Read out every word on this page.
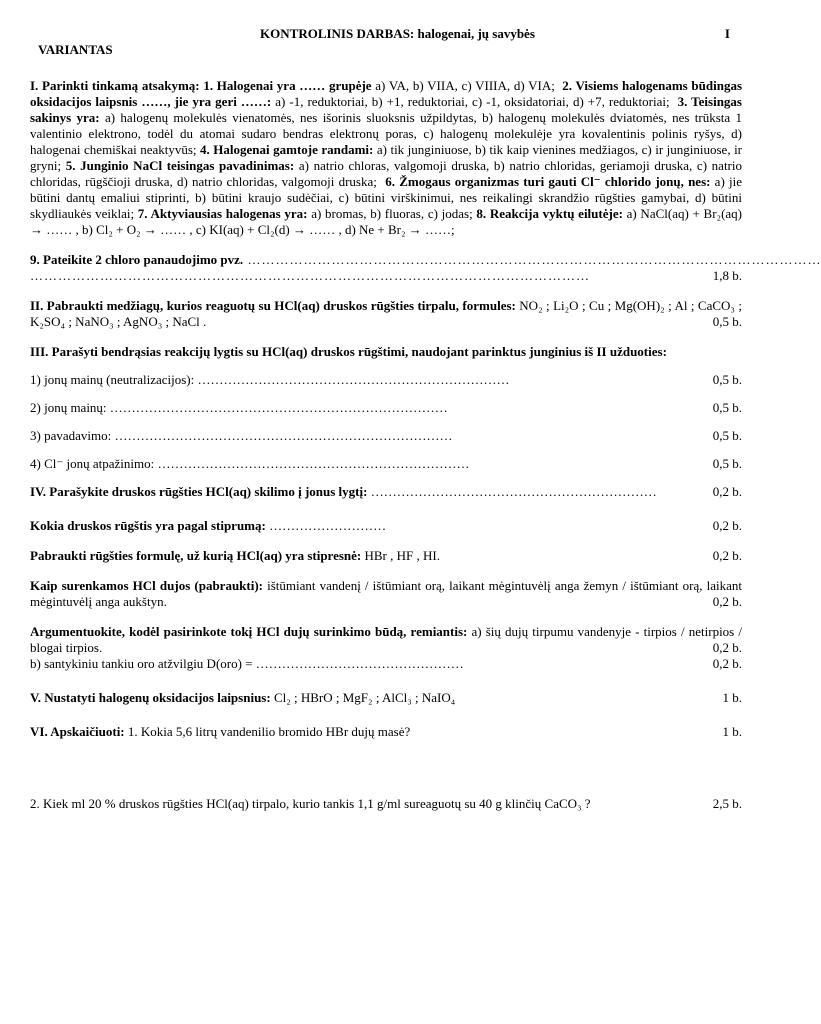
KONTROLINIS DARBAS: halogenai, jų savybės	I

VARIANTAS

I. Parinkti tinkamą atsakymą: 1. Halogenai yra …… grupėje a) VA, b) VIIA, c) VIIIA, d) VIA; 2. Visiems halogenams būdingas oksidacijos laipsnis ……, jie yra geri ……: a) -1, reduktoriai, b) +1, reduktoriai, c) -1, oksidatoriai, d) +7, reduktoriai; 3. Teisingas sakinys yra: a) halogenų molekulės vienatomės, nes išorinis sluoksnis užpildytas, b) halogenų molekulės dviatomės, nes trūksta 1 valentinio elektrono, todėl du atomai sudaro bendras elektronų poras, c) halogenų molekulėje yra kovalentinis polinis ryšys, d) halogenai chemiškai neaktyvūs; 4. Halogenai gamtoje randami: a) tik junginiuose, b) tik kaip vienines medžiagos, c) ir junginiuose, ir gryni; 5. Junginio NaCl teisingas pavadinimas: a) natrio chloras, valgomoji druska, b) natrio chloridas, geriamoji druska, c) natrio chloridas, rūgščioji druska, d) natrio chloridas, valgomoji druska; 6. Žmogaus organizmas turi gauti Cl⁻ chlorido jonų, nes: a) jie būtini dantų emaliui stiprinti, b) būtini kraujo sudėčiai, c) būtini virškinimui, nes reikalingi skrandžio rūgšties gamybai, d) būtini skydliaukės veiklai; 7. Aktyviausias halogenas yra: a) bromas, b) fluoras, c) jodas; 8. Reakcija vyktų eilutėje: a) NaCl(aq) + Br₂(aq) → …… , b) Cl₂ + O₂ → …… , c) KI(aq) + Cl₂(d) → …… , d) Ne + Br₂ → ……;

9. Pateikite 2 chloro panaudojimo pvz. ……………………………………………………………………………………………………………

…………………………………………………………………………………………………………	1,8 b.

II. Pabraukti medžiagų, kurios reaguotų su HCl(aq) druskos rūgšties tirpalu, formules: NO₂ ; Li₂O ; Cu ; Mg(OH)₂ ; Al ; CaCO₃ ; K₂SO₄ ; NaNO₃ ; AgNO₃ ; NaCl .	0,5 b.

III. Parašyti bendrąsias reakcijų lygtis su HCl(aq) druskos rūgštimi, naudojant parinktus junginius iš II užduoties:

1) jonų mainų (neutralizacijos): ………………………………………………………………	0,5 b.
2) jonų mainų: ……………………………………………………………………	0,5 b.
3) pavadavimo: ……………………………………………………………………	0,5 b.
4) Cl⁻ jonų atpažinimo: ………………………………………………………………	0,5 b.

IV. Parašykite druskos rūgšties HCl(aq) skilimo į jonus lygtį: …………………………………………………………	0,2 b.

Kokia druskos rūgštis yra pagal stiprumą: ………………………	0,2 b.

Pabraukti rūgšties formulę, už kurią HCl(aq) yra stipresnė: HBr , HF , HI.	0,2 b.

Kaip surenkamos HCl dujos (pabraukti): ištūmiant vandenį / ištūmiant orą, laikant mėgintuvėlį anga žemyn / ištūmiant orą, laikant mėgintuvėlį anga aukštyn.	0,2 b.

Argumentuokite, kodėl pasirinkote tokį HCl dujų surinkimo būdą, remiantis: a) šių dujų tirpumu vandenyje - tirpios / netirpios / blogai tirpios.	0,2 b.

b) santykiniu tankiu oro atžvilgiu D(oro) = …………………………………………	0,2 b.

V. Nustatyti halogenų oksidacijos laipsnius: Cl₂ ; HBrO ; MgF₂ ; AlCl₃ ; NaIO₄	1 b.

VI. Apskaičiuoti: 1. Kokia 5,6 litrų vandenilio bromido HBr dujų masė?	1 b.

2. Kiek ml 20 % druskos rūgšties HCl(aq) tirpalo, kurio tankis 1,1 g/ml sureaguotų su 40 g klinčių CaCO₃ ?	2,5 b.
